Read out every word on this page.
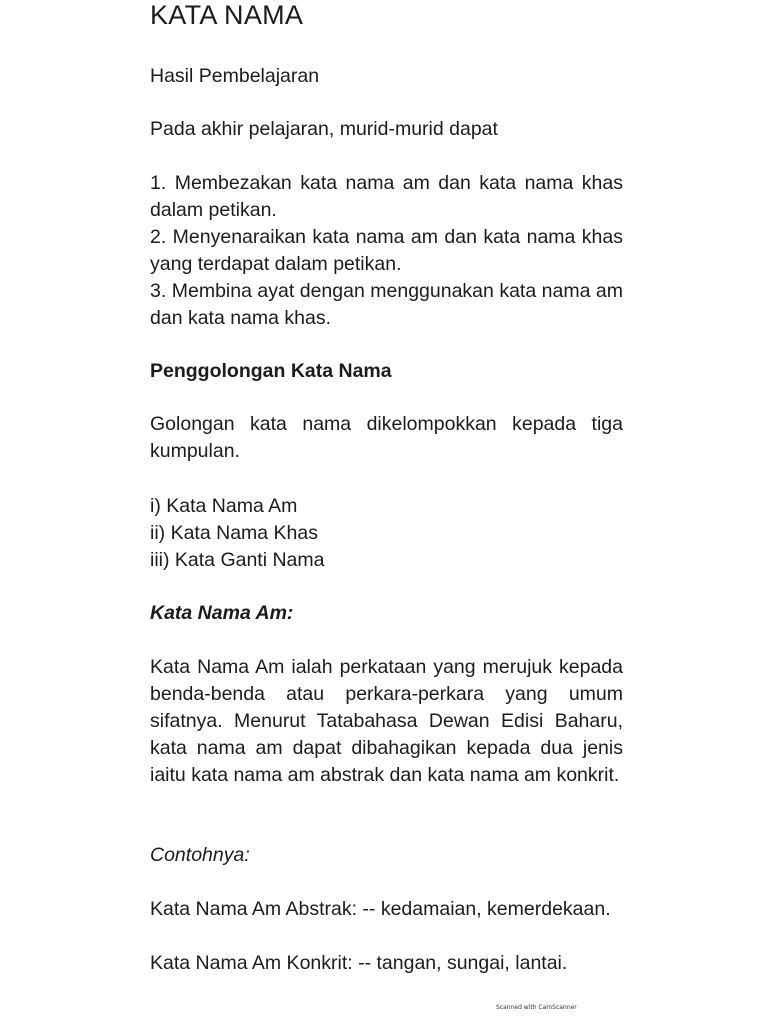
KATA NAMA

Hasil Pembelajaran

Pada akhir pelajaran, murid-murid dapat

1. Membezakan kata nama am dan kata nama khas dalam petikan.

2. Menyenaraikan kata nama am dan kata nama khas yang terdapat dalam petikan.

3. Membina ayat dengan menggunakan kata nama am dan kata nama khas.

Penggolongan Kata Nama

Golongan kata nama dikelompokkan kepada tiga kumpulan.

i) Kata Nama Am
ii) Kata Nama Khas
iii) Kata Ganti Nama

Kata Nama Am:

Kata Nama Am ialah perkataan yang merujuk kepada benda-benda atau perkara-perkara yang umum sifatnya. Menurut Tatabahasa Dewan Edisi Baharu, kata nama am dapat dibahagikan kepada dua jenis iaitu kata nama am abstrak dan kata nama am konkrit.

Contohnya:

Kata Nama Am Abstrak: -- kedamaian, kemerdekaan.

Kata Nama Am Konkrit: -- tangan, sungai, lantai.

Scanned with CamScanner
